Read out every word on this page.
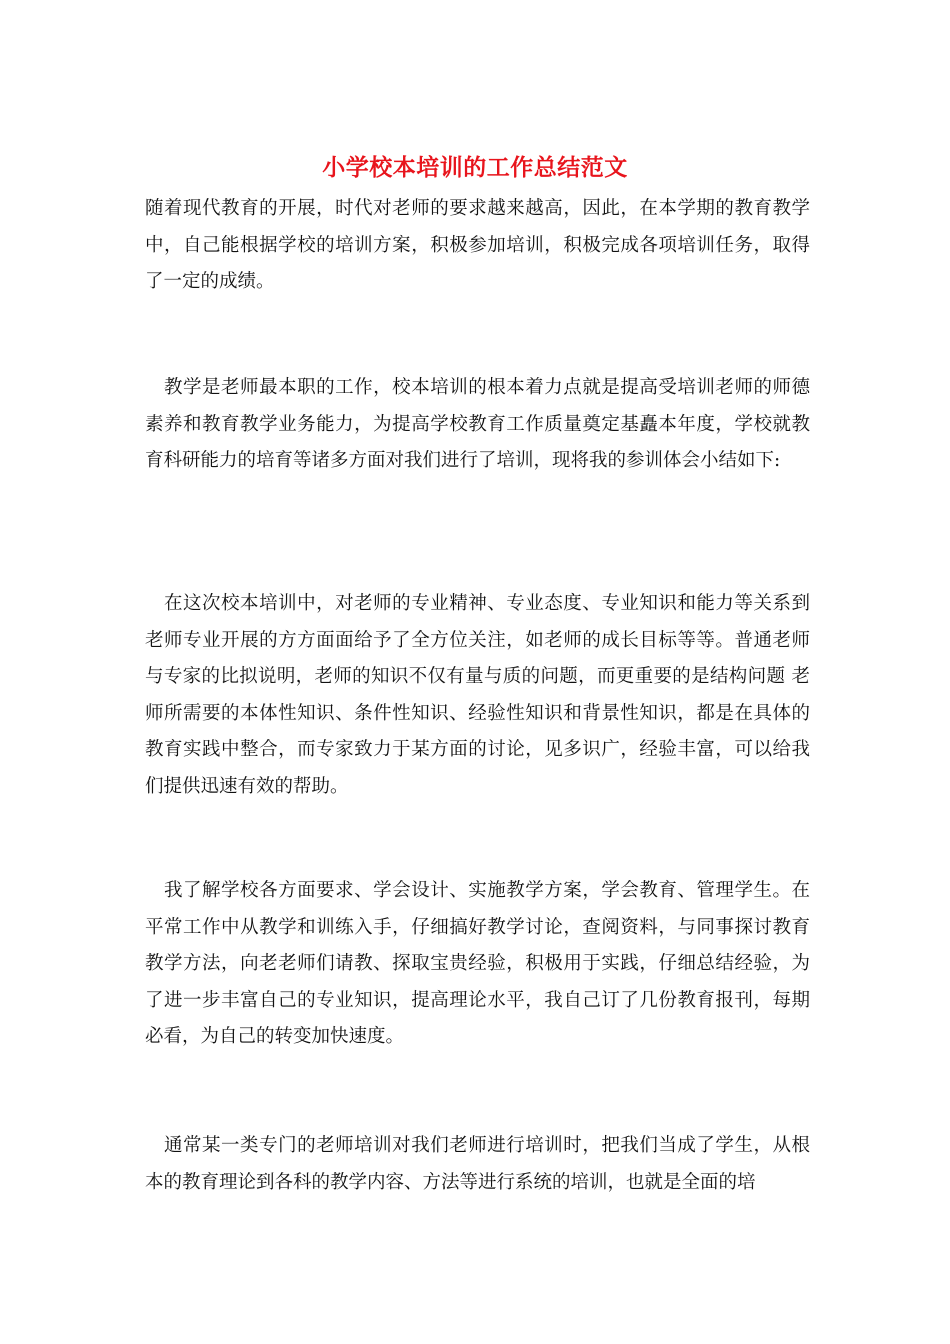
小学校本培训的工作总结范文

随着现代教育的开展，时代对老师的要求越来越高，因此，在本学期的教育教学中，自己能根据学校的培训方案，积极参加培训，积极完成各项培训任务，取得了一定的成绩。

教学是老师最本职的工作，校本培训的根本着力点就是提高受培训老师的师德素养和教育教学业务能力，为提高学校教育工作质量奠定基矗本年度，学校就教育科研能力的培育等诸多方面对我们进行了培训，现将我的参训体会小结如下:

在这次校本培训中，对老师的专业精神、专业态度、专业知识和能力等关系到老师专业开展的方方面面给予了全方位关注，如老师的成长目标等等。普通老师与专家的比拟说明，老师的知识不仅有量与质的问题，而更重要的是结构问题 老师所需要的本体性知识、条件性知识、经验性知识和背景性知识，都是在具体的教育实践中整合，而专家致力于某方面的讨论，见多识广，经验丰富，可以给我们提供迅速有效的帮助。

我了解学校各方面要求、学会设计、实施教学方案，学会教育、管理学生。在平常工作中从教学和训练入手，仔细搞好教学讨论，查阅资料，与同事探讨教育教学方法，向老老师们请教、探取宝贵经验，积极用于实践，仔细总结经验，为了进一步丰富自己的专业知识，提高理论水平，我自己订了几份教育报刊，每期必看，为自己的转变加快速度。

通常某一类专门的老师培训对我们老师进行培训时，把我们当成了学生，从根本的教育理论到各科的教学内容、方法等进行系统的培训，也就是全面的培
